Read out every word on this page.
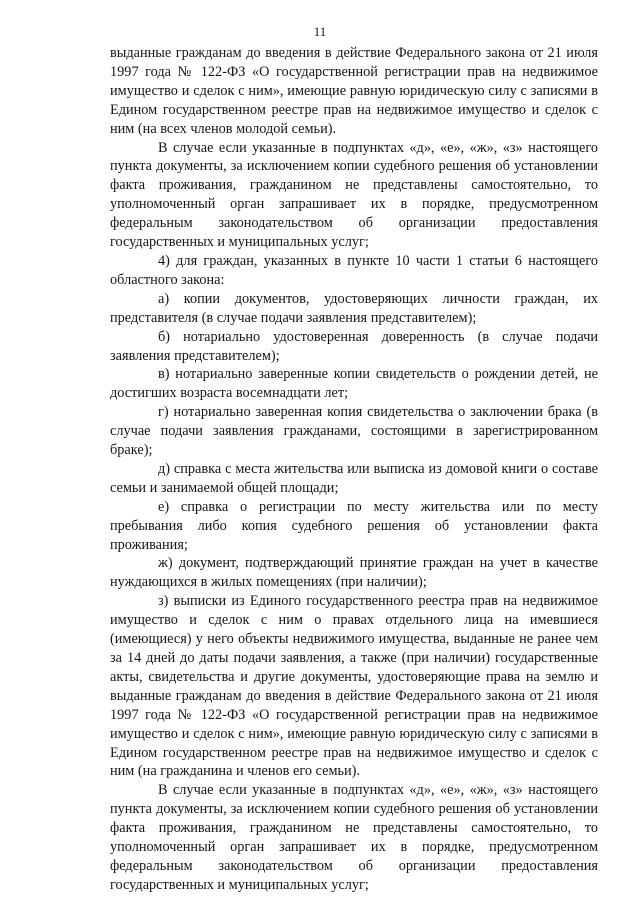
11

выданные гражданам до введения в действие Федерального закона от 21 июля 1997 года № 122-ФЗ «О государственной регистрации прав на недвижимое имущество и сделок с ним», имеющие равную юридическую силу с записями в Едином государственном реестре прав на недвижимое имущество и сделок с ним (на всех членов молодой семьи).

В случае если указанные в подпунктах «д», «е», «ж», «з» настоящего пункта документы, за исключением копии судебного решения об установлении факта проживания, гражданином не представлены самостоятельно, то уполномоченный орган запрашивает их в порядке, предусмотренном федеральным законодательством об организации предоставления государственных и муниципальных услуг;

4) для граждан, указанных в пункте 10 части 1 статьи 6 настоящего областного закона:

а) копии документов, удостоверяющих личности граждан, их представителя (в случае подачи заявления представителем);

б) нотариально удостоверенная доверенность (в случае подачи заявления представителем);

в) нотариально заверенные копии свидетельств о рождении детей, не достигших возраста восемнадцати лет;

г) нотариально заверенная копия свидетельства о заключении брака (в случае подачи заявления гражданами, состоящими в зарегистрированном браке);

д) справка с места жительства или выписка из домовой книги о составе семьи и занимаемой общей площади;

е) справка о регистрации по месту жительства или по месту пребывания либо копия судебного решения об установлении факта проживания;

ж) документ, подтверждающий принятие граждан на учет в качестве нуждающихся в жилых помещениях (при наличии);

з) выписки из Единого государственного реестра прав на недвижимое имущество и сделок с ним о правах отдельного лица на имевшиеся (имеющиеся) у него объекты недвижимого имущества, выданные не ранее чем за 14 дней до даты подачи заявления, а также (при наличии) государственные акты, свидетельства и другие документы, удостоверяющие права на землю и выданные гражданам до введения в действие Федерального закона от 21 июля 1997 года № 122-ФЗ «О государственной регистрации прав на недвижимое имущество и сделок с ним», имеющие равную юридическую силу с записями в Едином государственном реестре прав на недвижимое имущество и сделок с ним (на гражданина и членов его семьи).

В случае если указанные в подпунктах «д», «е», «ж», «з» настоящего пункта документы, за исключением копии судебного решения об установлении факта проживания, гражданином не представлены самостоятельно, то уполномоченный орган запрашивает их в порядке, предусмотренном федеральным законодательством об организации предоставления государственных и муниципальных услуг;
